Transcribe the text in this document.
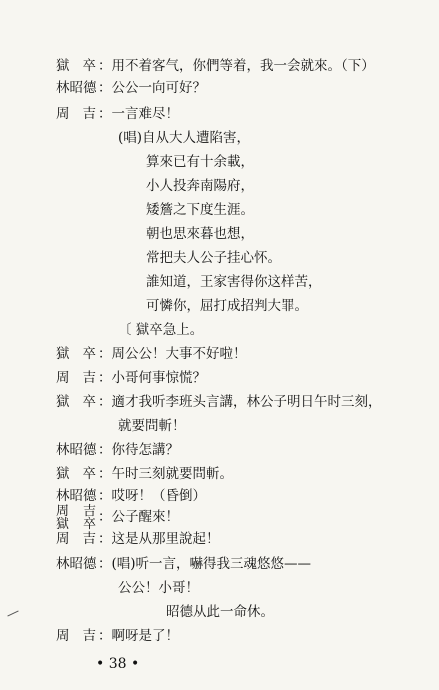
獄 卒 ：用不着客气，你們等着，我一会就來。（下）
林昭德 ：公公一向可好？
周 吉 ：一言难尽！
(唱)自从大人遭陷害，
算來已有十余載，
小人投奔南陽府，
矮簷之下度生涯。
朝也思來暮也想，
常把夫人公子挂心怀。
誰知道，王家害得你这样苦，
可憐你，屈打成招判大罪。
〔 獄卒急上。
獄 卒 ：周公公！大事不好啦！
周 吉 ：小哥何事惊慌？
獄 卒 ：適才我听李班头言講，林公子明日午时三刻，
就要問斬！
林昭德 ：你待怎講？
獄 卒 ：午时三刻就要問斬。
林昭德 ：哎呀！（昏倒）
周 吉
獄 卒 ：公子醒來！
周 吉 ：这是从那里說起！
林昭德 ：(唱)听一言，嚇得我三魂悠悠——
公公！小哥！
昭德从此一命休。
周 吉 ：啊呀是了！
• 38 •
